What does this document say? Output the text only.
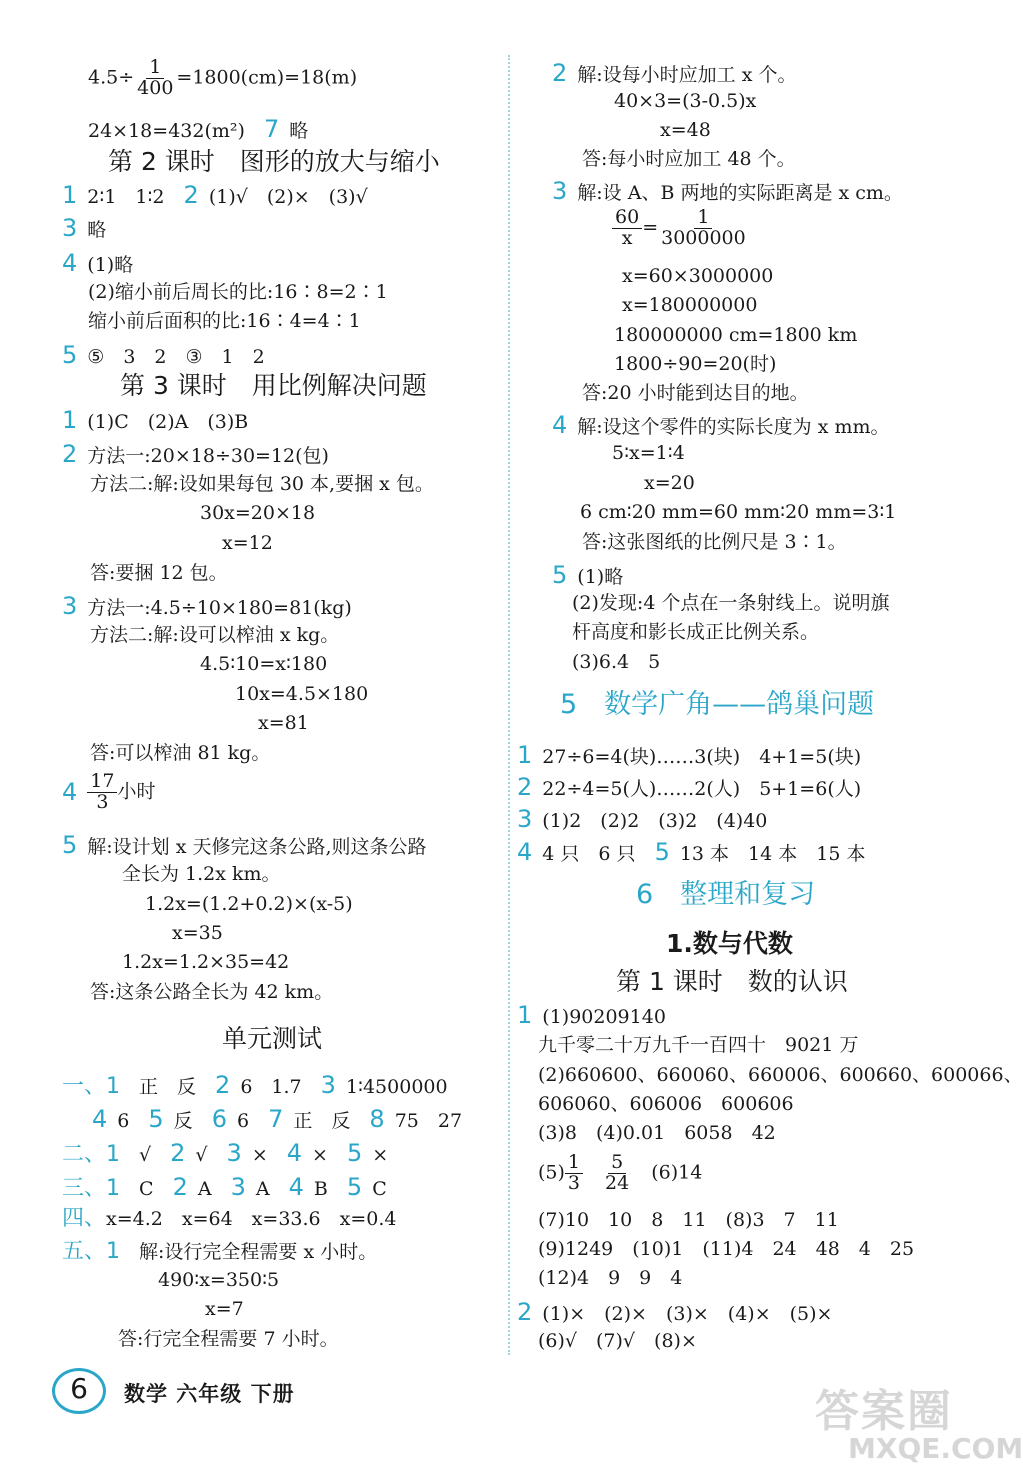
$4.5\div \frac{1}{400} =1800(cm)=18(m)$
24×18=432(m²)　 7 略
第 2 课时　图形的放大与缩小
1 2∶1　1∶2　 2 (1)√　(2)×　(3)√
3 略
4 (1)略
(2)缩小前后周长的比:16∶8=2∶1
缩小前后面积的比:16∶4=4∶1
5 ⑤　3　2　③　1　2
第 3 课时　用比例解决问题
1 (1)C　(2)A　(3)B
2 方法一:20×18÷30=12(包)
方法二:解:设如果每包 30 本,要捆 x 包。
30x=20×18
x=12
答:要捆 12 包。
3 方法一:4.5÷10×180=81(kg)
方法二:解:设可以榨油 x kg。
4.5∶10=x∶180
10x=4.5×180
x=81
答:可以榨油 81 kg。
$4 \frac{17}{3}$ 小时
5 解:设计划 x 天修完这条公路,则这条公路
全长为 1.2x km。
1.2x=(1.2+0.2)×(x-5)
x=35
1.2x=1.2×35=42
答:这条公路全长为 42 km。
单元测试
一、1　 正　反　 2 6　1.7　 3 1∶4500000
4 6　 5 反　 6 6　 7 正　反　 8 75　27
二、1　 √　 2 √　 3 ×　 4 ×　 5 ×
三、1　 C　 2 A　 3 A　 4 B　 5 C
四、x=4.2　x=64　x=33.6　x=0.4
五、1　 解:设行完全程需要 x 小时。
490∶x=350∶5
x=7
答:行完全程需要 7 小时。
2 解:设每小时应加工 x 个。
40×3=(3-0.5)x
x=48
答:每小时应加工 48 个。
3 解:设 A、B 两地的实际距离是 x cm。
$\frac{60}{x} = \frac{1}{3000000}$
x=60×3000000
x=180000000
180000000 cm=1800 km
1800÷90=20(时)
答:20 小时能到达目的地。
4 解:设这个零件的实际长度为 x mm。
5∶x=1∶4
x=20
6 cm∶20 mm=60 mm∶20 mm=3∶1
答:这张图纸的比例尺是 3∶1。
5 (1)略
(2)发现:4 个点在一条射线上。说明旗
杆高度和影长成正比例关系。
(3)6.4　5
5　数学广角——鸽巢问题
1 27÷6=4(块)……3(块)　4+1=5(块)
2 22÷4=5(人)……2(人)　5+1=6(人)
3 (1)2　(2)2　(3)2　(4)40
4 4 只　6 只　 5 13 本　14 本　15 本
6　整理和复习
1.数与代数
第 1 课时　数的认识
1 (1)90209140
九千零二十万九千一百四十　9021 万
(2)660600、660060、660006、600660、600066、
606060、606006　600606
(3)8　(4)0.01　6058　42
$(5) \frac{1}{3}$
　 $\frac{5}{24}$
　 (6)14
(7)10　10　8　11　(8)3　7　11
(9)1249　(10)1　(11)4　24　48　4　25
(12)4　9　9　4
2 (1)×　(2)×　(3)×　(4)×　(5)×
(6)√　(7)√　(8)×
6	数学 六年级 下册	答案圈
MXQE.COM
